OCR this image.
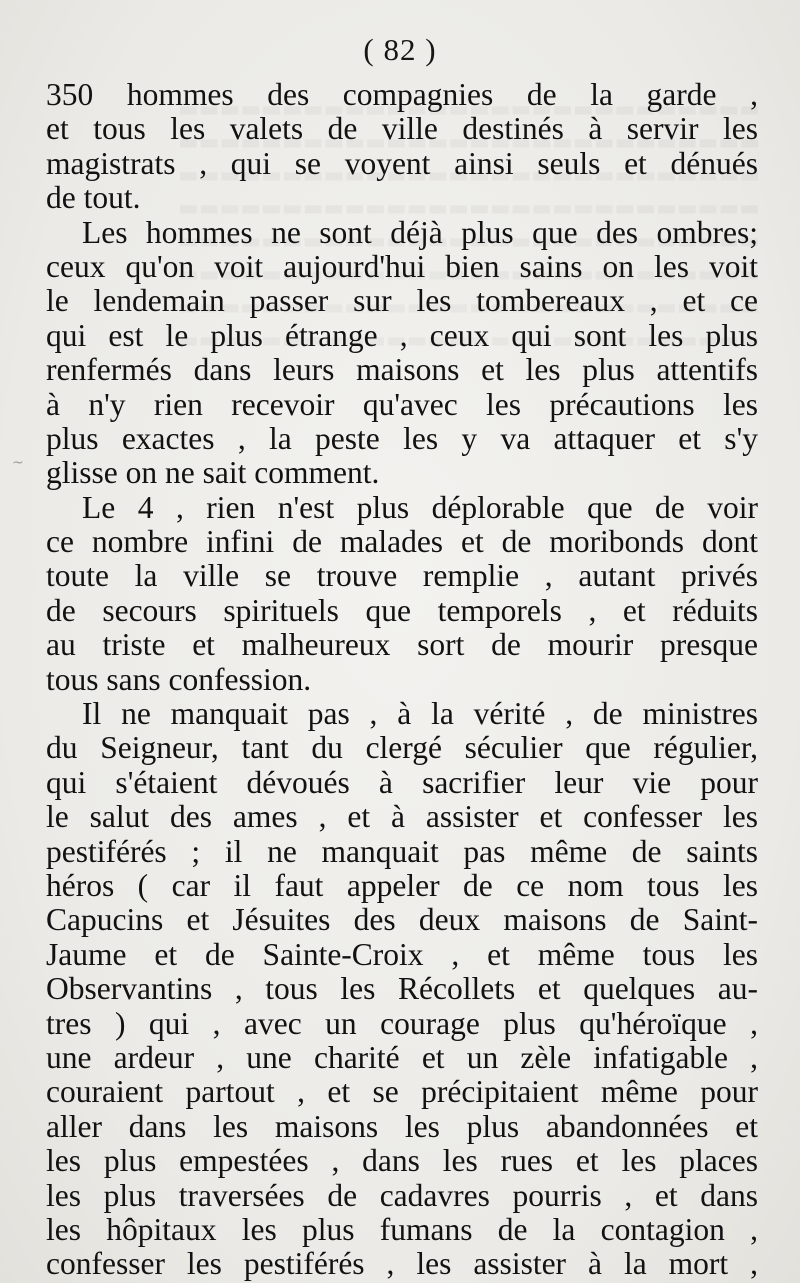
( 82 )

350 hommes des compagnies de la garde ,
et tous les valets de ville destinés à servir les
magistrats , qui se voyent ainsi seuls et dénués
de tout.

Les hommes ne sont déjà plus que des ombres;
ceux qu'on voit aujourd'hui bien sains on les voit
le lendemain passer sur les tombereaux , et ce
qui est le plus étrange , ceux qui sont les plus
renfermés dans leurs maisons et les plus attentifs
à n'y rien recevoir qu'avec les précautions les
plus exactes , la peste les y va attaquer et s'y
glisse on ne sait comment.

Le 4 , rien n'est plus déplorable que de voir
ce nombre infini de malades et de moribonds dont
toute la ville se trouve remplie , autant privés
de secours spirituels que temporels , et réduits
au triste et malheureux sort de mourir presque
tous sans confession.

Il ne manquait pas , à la vérité , de ministres
du Seigneur, tant du clergé séculier que régulier,
qui s'étaient dévoués à sacrifier leur vie pour
le salut des ames , et à assister et confesser les
pestiférés ; il ne manquait pas même de saints
héros ( car il faut appeler de ce nom tous les
Capucins et Jésuites des deux maisons de Saint-
Jaume et de Sainte-Croix , et même tous les
Observantins , tous les Récollets et quelques au-
tres ) qui , avec un courage plus qu'héroïque ,
une ardeur , une charité et un zèle infatigable ,
couraient partout , et se précipitaient même pour
aller dans les maisons les plus abandonnées et
les plus empestées , dans les rues et les places
les plus traversées de cadavres pourris , et dans
les hôpitaux les plus fumans de la contagion ,
confesser les pestiférés , les assister à la mort ,

~
